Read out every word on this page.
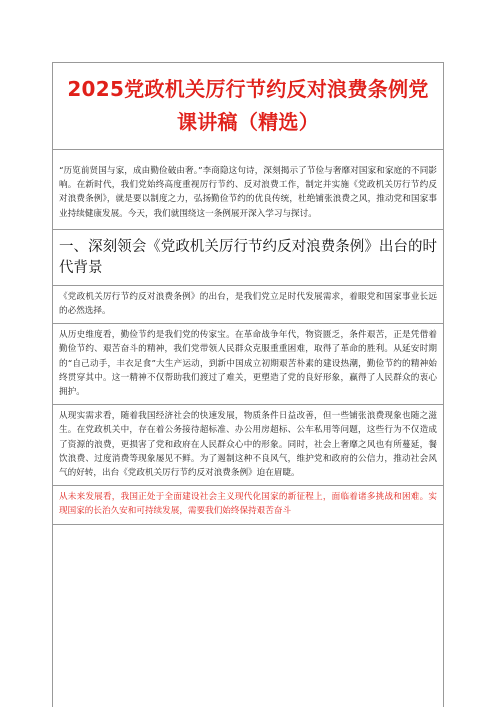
2025党政机关厉行节约反对浪费条例党
课讲稿（精选）

“历览前贤国与家，成由勤俭破由奢。”李商隐这句诗，深刻揭示了节俭与奢靡对国家和家庭的不同影响。在新时代，我们党始终高度重视厉行节约、反对浪费工作，制定并实施《党政机关厉行节约反对浪费条例》，就是要以制度之力，弘扬勤俭节约的优良传统，杜绝铺张浪费之风，推动党和国家事业持续健康发展。今天，我们就围绕这一条例展开深入学习与探讨。

一、深刻领会《党政机关厉行节约反对浪费条例》出台的时代背景

《党政机关厉行节约反对浪费条例》的出台，是我们党立足时代发展需求，着眼党和国家事业长远的必然选择。

从历史维度看，勤俭节约是我们党的传家宝。在革命战争年代，物资匮乏，条件艰苦，正是凭借着勤俭节约、艰苦奋斗的精神，我们党带领人民群众克服重重困难，取得了革命的胜利。从延安时期的“自己动手，丰衣足食”大生产运动，到新中国成立初期艰苦朴素的建设热潮，勤俭节约的精神始终贯穿其中。这一精神不仅帮助我们渡过了难关，更塑造了党的良好形象，赢得了人民群众的衷心拥护。

从现实需求看，随着我国经济社会的快速发展，物质条件日益改善，但一些铺张浪费现象也随之滋生。在党政机关中，存在着公务接待超标准、办公用房超标、公车私用等问题，这些行为不仅造成了资源的浪费，更损害了党和政府在人民群众心中的形象。同时，社会上奢靡之风也有所蔓延，餐饮浪费、过度消费等现象屡见不鲜。为了遏制这种不良风气，维护党和政府的公信力，推动社会风气的好转，出台《党政机关厉行节约反对浪费条例》迫在眉睫。

从未来发展看，我国正处于全面建设社会主义现代化国家的新征程上，面临着诸多挑战和困难。实现国家的长治久安和可持续发展，需要我们始终保持艰苦奋斗
